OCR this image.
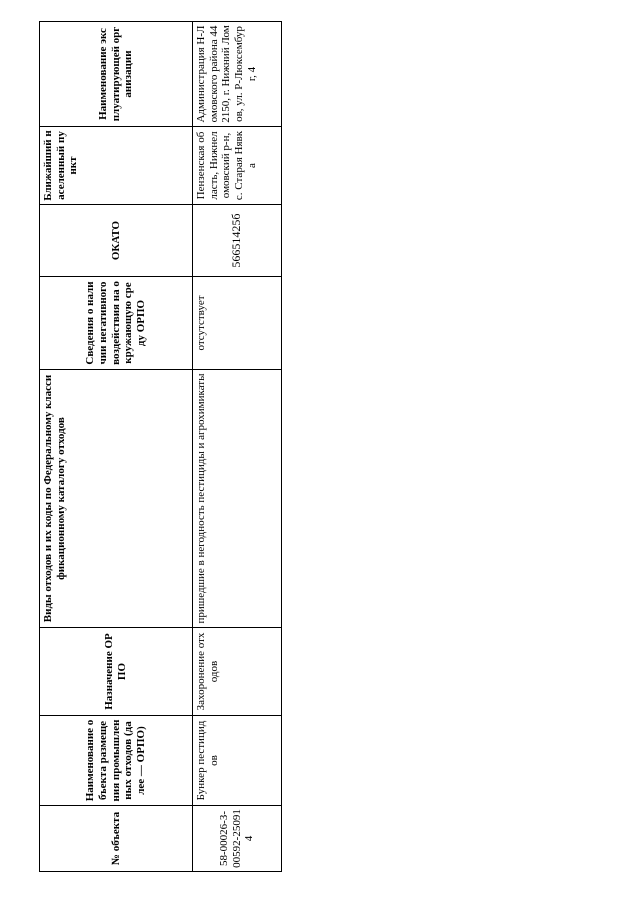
№ объекта	Наименование объекта размещения промышленных отходов (далее — ОРПО)	Назначение ОРПО	Виды отходов и их коды по Федеральному классификационному каталогу отходов	Сведения о наличии негативного воздействия на окружающую среду ОРПО	ОКАТО	Ближайший населенный пункт	Наименование эксплуатирующей организации

58-00026-З-00592-250914	Бункер пестицидов	Захоронение отходов	пришедшие в негодность пестициды и агрохимикаты	отсутствует	56651425б	Пензенская область, Нижнеломовский р-н, с. Старая Нявка	Администрация Н-Ломовского района 442150, г. Нижний Ломов, ул. Р-Люксембург, 4
